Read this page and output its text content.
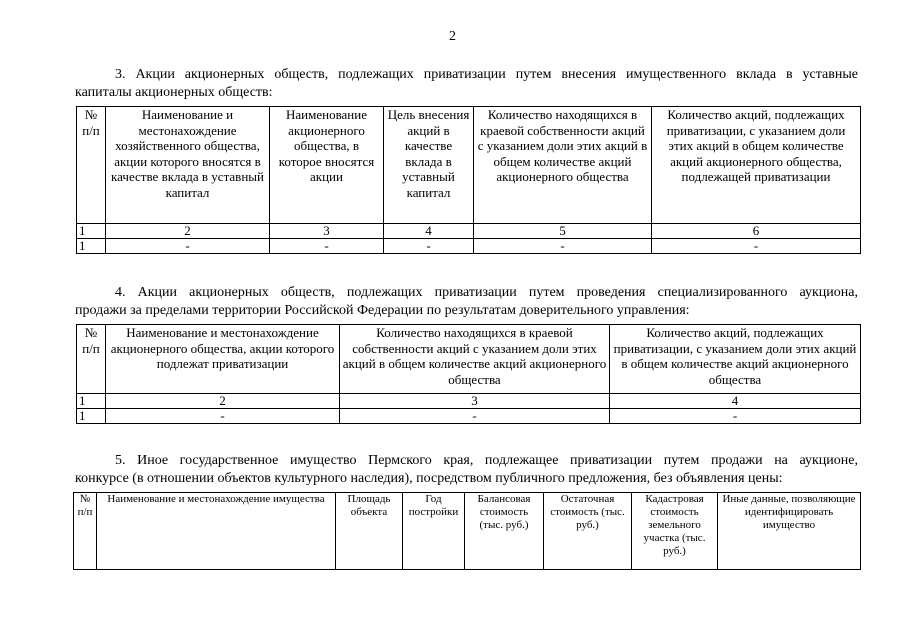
2

3. Акции акционерных обществ, подлежащих приватизации путем внесения имущественного вклада в уставные
капиталы акционерных обществ:

№ п/п	Наименование и местонахождение хозяйственного общества, акции которого вносятся в качестве вклада в уставный капитал	Наименование акционерного общества, в которое вносятся акции	Цель внесения акций в качестве вклада в уставный капитал	Количество находящихся в краевой собственности акций с указанием доли этих акций в общем количестве акций акционерного общества	Количество акций, подлежащих приватизации, с указанием доли этих акций в общем количестве акций акционерного общества, подлежащей приватизации
1	2	3	4	5	6
1	-	-	-	-	-

4. Акции акционерных обществ, подлежащих приватизации путем проведения специализированного аукциона,
продажи за пределами территории Российской Федерации по результатам доверительного управления:

№ п/п	Наименование и местонахождение акционерного общества, акции которого подлежат приватизации	Количество находящихся в краевой собственности акций с указанием доли этих акций в общем количестве акций акционерного общества	Количество акций, подлежащих приватизации, с указанием доли этих акций в общем количестве акций акционерного общества
1	2	3	4
1	-	-	-

5. Иное государственное имущество Пермского края, подлежащее приватизации путем продажи на аукционе,
конкурсе (в отношении объектов культурного наследия), посредством публичного предложения, без объявления цены:

№ п/п	Наименование и местонахождение имущества	Площадь объекта	Год постройки	Балансовая стоимость (тыс. руб.)	Остаточная стоимость (тыс. руб.)	Кадастровая стоимость земельного участка (тыс. руб.)	Иные данные, позволяющие идентифицировать имущество
